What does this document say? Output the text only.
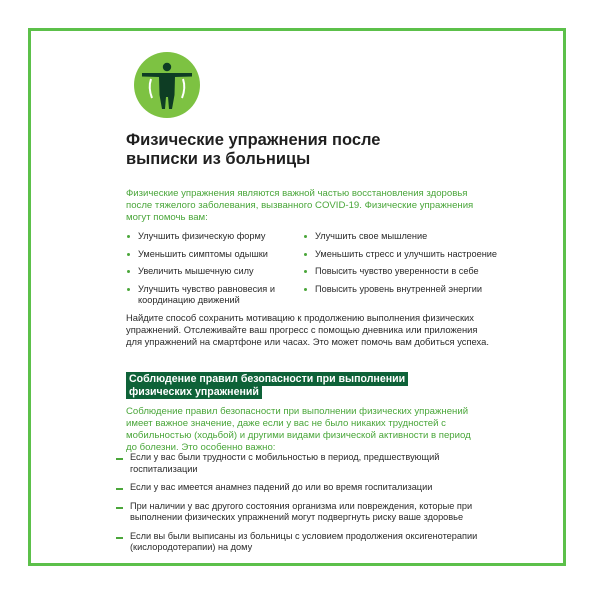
Физические упражнения после выписки из больницы

Физические упражнения являются важной частью восстановления здоровья после тяжелого заболевания, вызванного COVID-19. Физические упражнения могут помочь вам:

Улучшить физическую форму
Уменьшить симптомы одышки
Увеличить мышечную силу
Улучшить чувство равновесия и координацию движений
Улучшить свое мышление
Уменьшить стресс и улучшить настроение
Повысить чувство уверенности в себе
Повысить уровень внутренней энергии

Найдите способ сохранить мотивацию к продолжению выполнения физических упражнений. Отслеживайте ваш прогресс с помощью дневника или приложения для упражнений на смартфоне или часах. Это может помочь вам добиться успеха.

Соблюдение правил безопасности при выполнении физических упражнений

Соблюдение правил безопасности при выполнении физических упражнений имеет важное значение, даже если у вас не было никаких трудностей с мобильностью (ходьбой) и другими видами физической активности в период до болезни. Это особенно важно:

Если у вас были трудности с мобильностью в период, предшествующий госпитализации
Если у вас имеется анамнез падений до или во время госпитализации
При наличии у вас другого состояния организма или повреждения, которые при выполнении физических упражнений могут подвергнуть риску ваше здоровье
Если вы были выписаны из больницы с условием продолжения оксигенотерапии (кислородотерапии) на дому
